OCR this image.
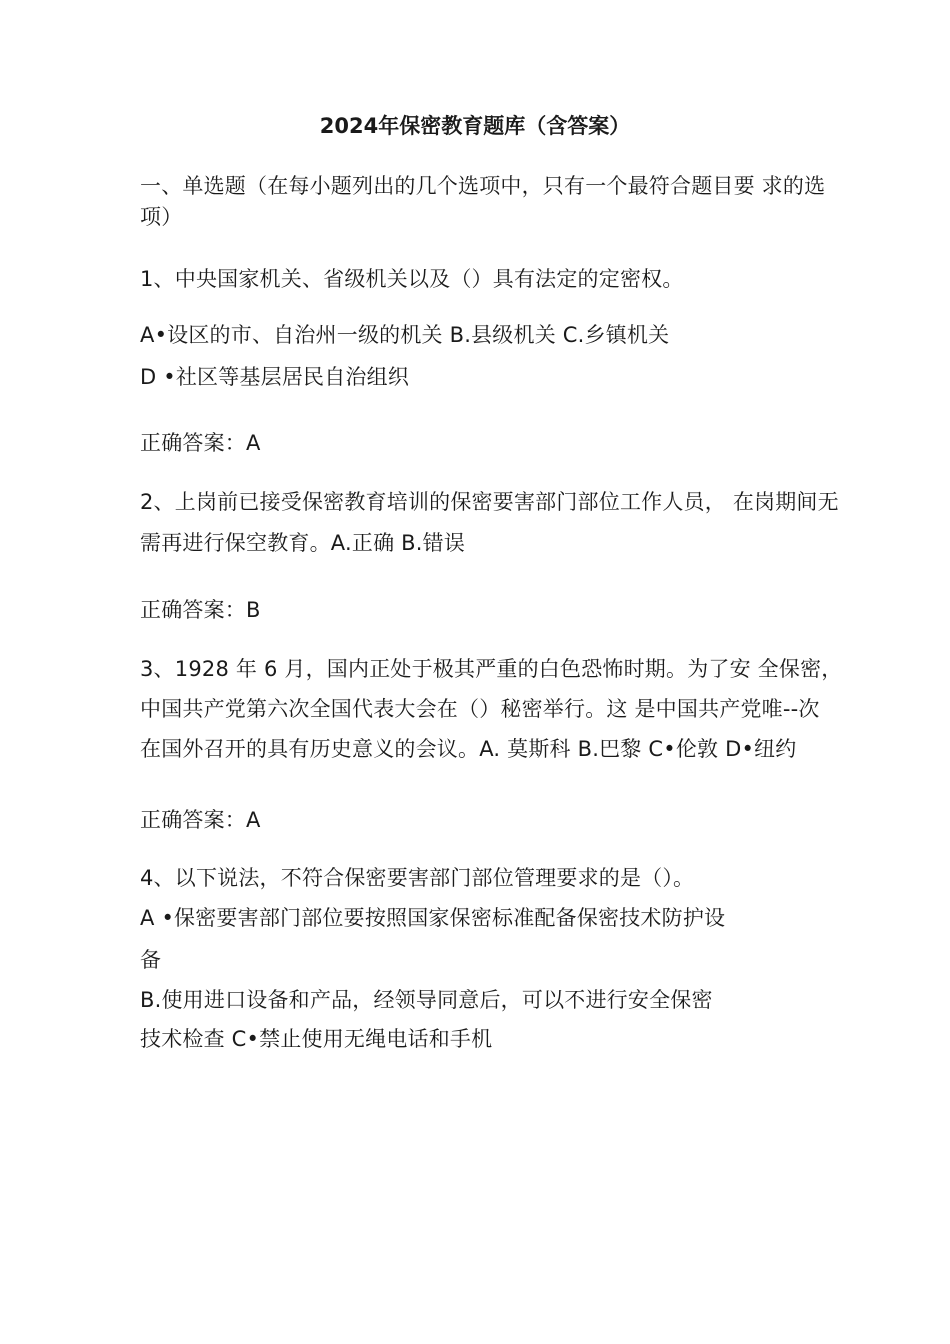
2024年保密教育题库（含答案）
一、单选题（在每小题列出的几个选项中，只有一个最符合题目要 求的选
项）
1、中央国家机关、省级机关以及（）具有法定的定密权。
A•设区的市、自治州一级的机关 B.县级机关 C.乡镇机关
D •社区等基层居民自治组织
正确答案：A
2、上岗前已接受保密教育培训的保密要害部门部位工作人员， 在岗期间无
需再进行保空教育。A.正确 B.错误
正确答案：B
3、1928 年 6 月，国内正处于极其严重的白色恐怖时期。为了安 全保密，
中国共产党第六次全国代表大会在（）秘密举行。这 是中国共产党唯--次
在国外召开的具有历史意义的会议。A. 莫斯科 B.巴黎 C•伦敦 D•纽约
正确答案：A
4、以下说法，不符合保密要害部门部位管理要求的是（）。
A •保密要害部门部位要按照国家保密标准配备保密技术防护设
备
B.使用进口设备和产品，经领导同意后，可以不进行安全保密
技术检查 C•禁止使用无绳电话和手机
